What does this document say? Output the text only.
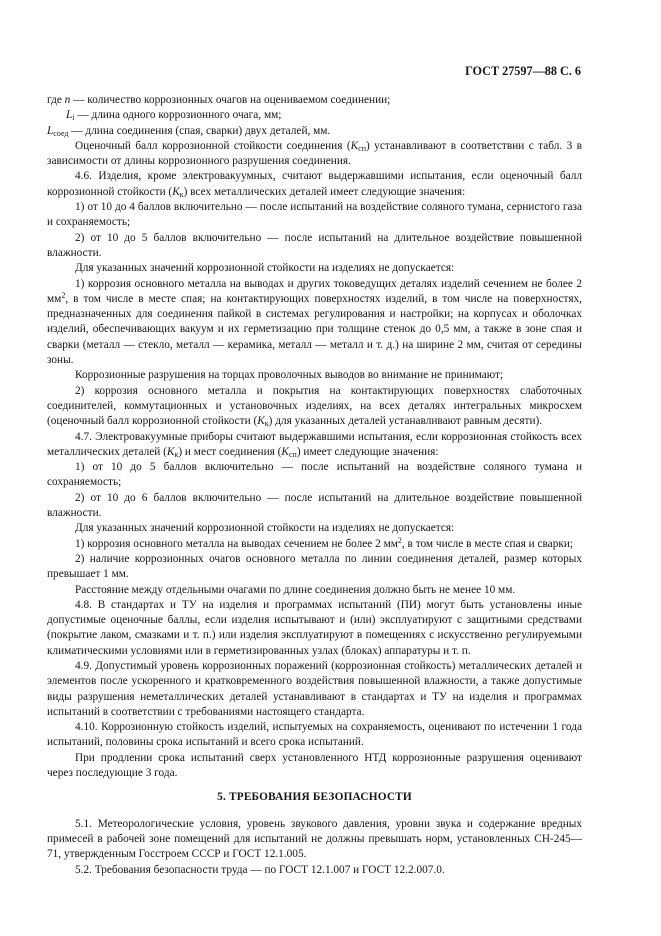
ГОСТ 27597—88 С. 6

где n — количество коррозионных очагов на оцениваемом соединении;

$L_i$ — длина одного коррозионного очага, мм;

$L_{соед}$ — длина соединения (спая, сварки) двух деталей, мм.

Оценочный балл коррозионной стойкости соединения $(K_{сп})$ устанавливают в соответствии с табл. 3 в зависимости от длины коррозионного разрушения соединения.

4.6. Изделия, кроме электровакуумных, считают выдержавшими испытания, если оценочный балл коррозионной стойкости $(K_к)$ всех металлических деталей имеет следующие значения:

1) от 10 до 4 баллов включительно — после испытаний на воздействие соляного тумана, сернистого газа и сохраняемость;

2) от 10 до 5 баллов включительно — после испытаний на длительное воздействие повышенной влажности.

Для указанных значений коррозионной стойкости на изделиях не допускается:

1) коррозия основного металла на выводах и других токоведущих деталях изделий сечением не более 2 $мм^2$, в том числе в месте спая; на контактирующих поверхностях изделий, в том числе на поверхностях, предназначенных для соединения пайкой в системах регулирования и настройки; на корпусах и оболочках изделий, обеспечивающих вакуум и их герметизацию при толщине стенок до 0,5 мм, а также в зоне спая и сварки (металл — стекло, металл — керамика, металл — металл и т. д.) на ширине 2 мм, считая от середины зоны.

Коррозионные разрушения на торцах проволочных выводов во внимание не принимают;

2) коррозия основного металла и покрытия на контактирующих поверхностях слаботочных соединителей, коммутационных и установочных изделиях, на всех деталях интегральных микросхем (оценочный балл коррозионной стойкости $(K_к)$ для указанных деталей устанавливают равным десяти).

4.7. Электровакуумные приборы считают выдержавшими испытания, если коррозионная стойкость всех металлических деталей $(K_к)$ и мест соединения $(K_{сп})$ имеет следующие значения:

1) от 10 до 5 баллов включительно — после испытаний на воздействие соляного тумана и сохраняемость;

2) от 10 до 6 баллов включительно — после испытаний на длительное воздействие повышенной влажности.

Для указанных значений коррозионной стойкости на изделиях не допускается:

1) коррозия основного металла на выводах сечением не более 2 $мм^2$, в том числе в месте спая и сварки;

2) наличие коррозионных очагов основного металла по линии соединения деталей, размер которых превышает 1 мм.

Расстояние между отдельными очагами по длине соединения должно быть не менее 10 мм.

4.8. В стандартах и ТУ на изделия и программах испытаний (ПИ) могут быть установлены иные допустимые оценочные баллы, если изделия испытывают и (или) эксплуатируют с защитными средствами (покрытие лаком, смазками и т. п.) или изделия эксплуатируют в помещениях с искусственно регулируемыми климатическими условиями или в герметизированных узлах (блоках) аппаратуры и т. п.

4.9. Допустимый уровень коррозионных поражений (коррозионная стойкость) металлических деталей и элементов после ускоренного и кратковременного воздействия повышенной влажности, а также допустимые виды разрушения неметаллических деталей устанавливают в стандартах и ТУ на изделия и программах испытаний в соответствии с требованиями настоящего стандарта.

4.10. Коррозионную стойкость изделий, испытуемых на сохраняемость, оценивают по истечении 1 года испытаний, половины срока испытаний и всего срока испытаний.

При продлении срока испытаний сверх установленного НТД коррозионные разрушения оценивают через последующие 3 года.

5. ТРЕБОВАНИЯ БЕЗОПАСНОСТИ

5.1. Метеорологические условия, уровень звукового давления, уровни звука и содержание вредных примесей в рабочей зоне помещений для испытаний не должны превышать норм, установленных СН-245—71, утвержденным Госстроем СССР и ГОСТ 12.1.005.

5.2. Требования безопасности труда — по ГОСТ 12.1.007 и ГОСТ 12.2.007.0.
